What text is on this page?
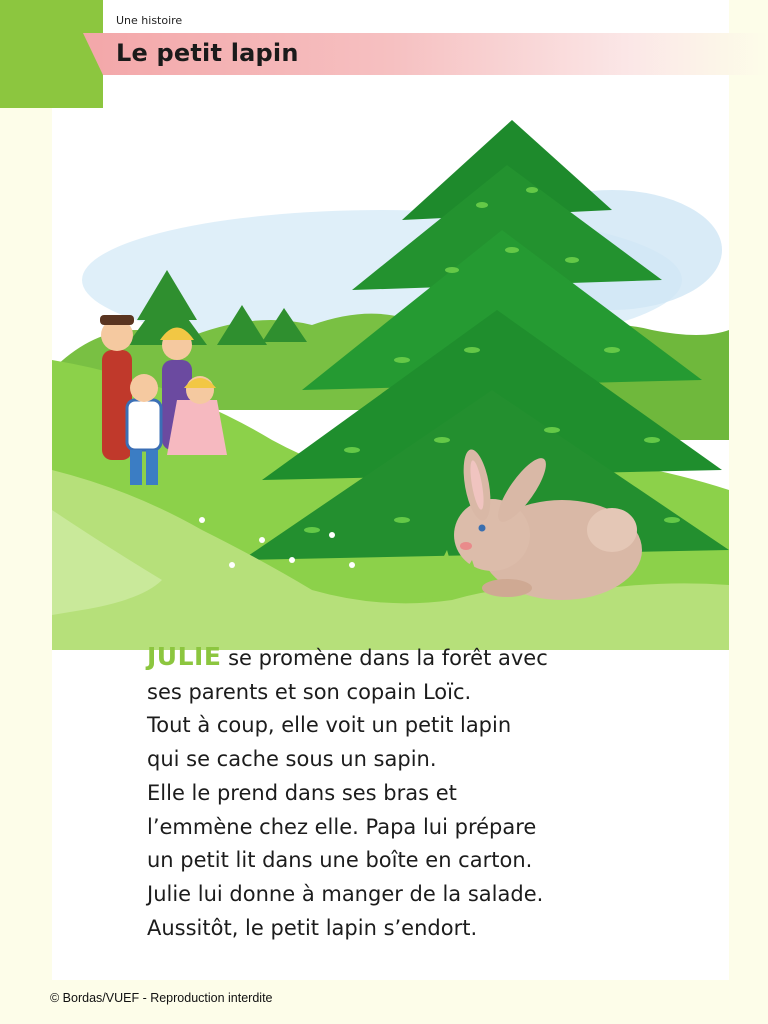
Une histoire
Le petit lapin
JULIE se promène dans la forêt avec
ses parents et son copain Loïc.
Tout à coup, elle voit un petit lapin
qui se cache sous un sapin.
Elle le prend dans ses bras et
l’emmène chez elle. Papa lui prépare
un petit lit dans une boîte en carton.
Julie lui donne à manger de la salade.
Aussitôt, le petit lapin s’endort.
© Bordas/VUEF - Reproduction interdite
